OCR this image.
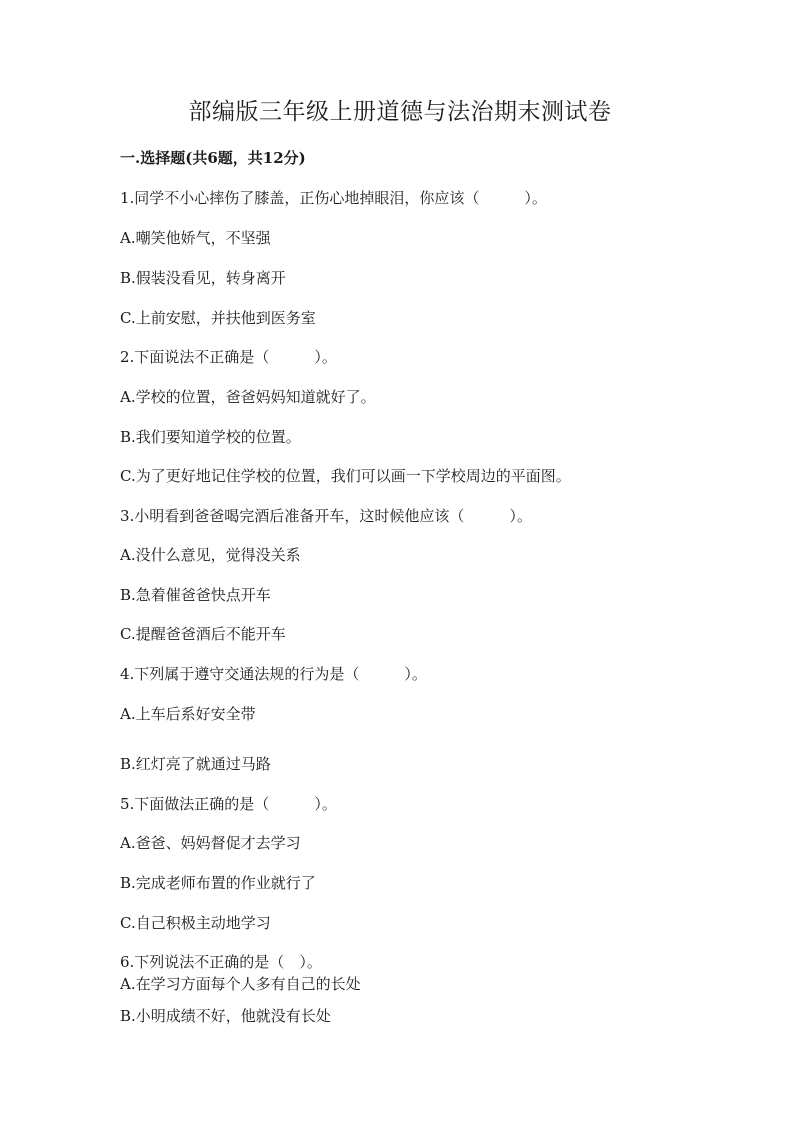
部编版三年级上册道德与法治期末测试卷
一.选择题(共6题，共12分)
1.同学不小心摔伤了膝盖，正伤心地掉眼泪，你应该（　　　）。
A.嘲笑他娇气，不坚强
B.假装没看见，转身离开
C.上前安慰，并扶他到医务室
2.下面说法不正确是（　　　）。
A.学校的位置，爸爸妈妈知道就好了。
B.我们要知道学校的位置。
C.为了更好地记住学校的位置，我们可以画一下学校周边的平面图。
3.小明看到爸爸喝完酒后准备开车，这时候他应该（　　　）。
A.没什么意见，觉得没关系
B.急着催爸爸快点开车
C.提醒爸爸酒后不能开车
4.下列属于遵守交通法规的行为是（　　　）。
A.上车后系好安全带
B.红灯亮了就通过马路
5.下面做法正确的是（　　　）。
A.爸爸、妈妈督促才去学习
B.完成老师布置的作业就行了
C.自己积极主动地学习
6.下列说法不正确的是（　）。
A.在学习方面每个人多有自己的长处
B.小明成绩不好，他就没有长处
